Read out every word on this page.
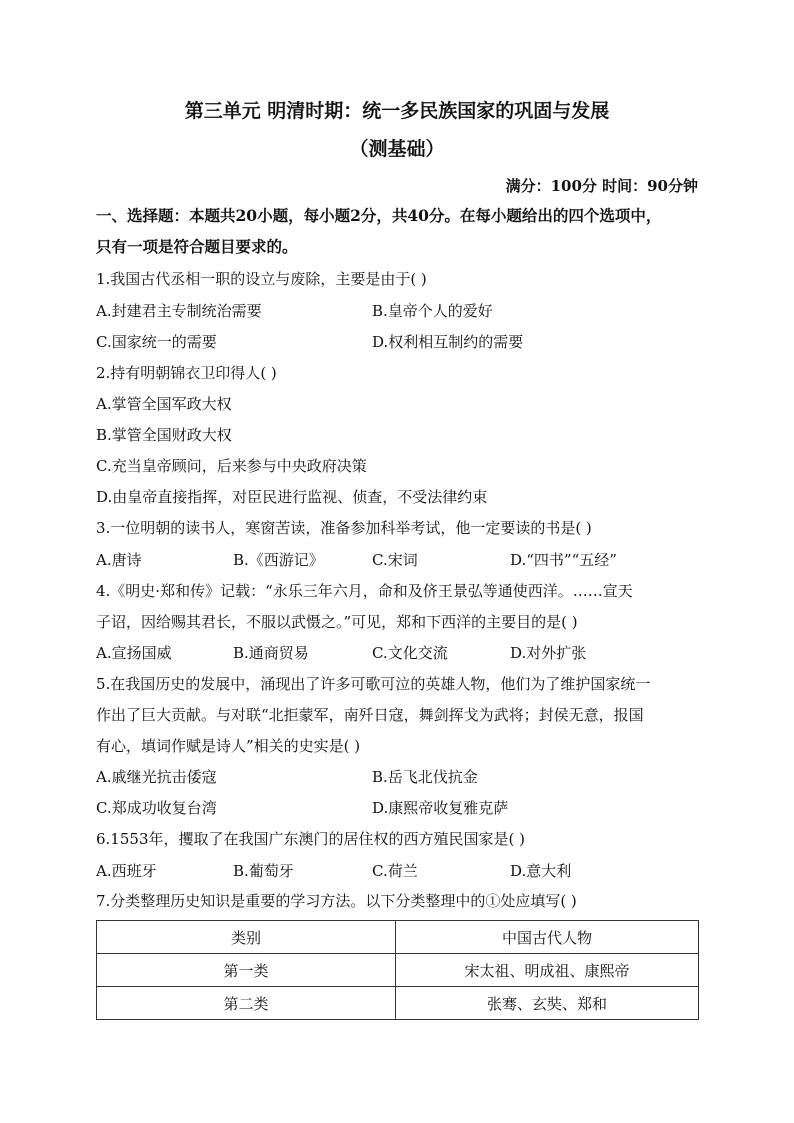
第三单元 明清时期：统一多民族国家的巩固与发展
（测基础）
满分：100分 时间：90分钟
一、选择题：本题共20小题，每小题2分，共40分。在每小题给出的四个选项中，
只有一项是符合题目要求的。
1.我国古代丞相一职的设立与废除，主要是由于( )
A.封建君主专制统治需要	B.皇帝个人的爱好
C.国家统一的需要	D.权利相互制约的需要
2.持有明朝锦衣卫印得人( )
A.掌管全国军政大权
B.掌管全国财政大权
C.充当皇帝顾问，后来参与中央政府决策
D.由皇帝直接指挥，对臣民进行监视、侦查，不受法律约束
3.一位明朝的读书人，寒窗苦读，准备参加科举考试，他一定要读的书是( )
A.唐诗	B.《西游记》	C.宋词	D.“四书”“五经”
4.《明史·郑和传》记载：“永乐三年六月，命和及侪王景弘等通使西洋。……宣天
子诏，因给赐其君长，不服以武慑之。”可见，郑和下西洋的主要目的是( )
A.宣扬国威	B.通商贸易	C.文化交流	D.对外扩张
5.在我国历史的发展中，涌现出了许多可歌可泣的英雄人物，他们为了维护国家统一
作出了巨大贡献。与对联“北拒蒙军，南歼日寇，舞剑挥戈为武将；封侯无意，报国
有心，填词作赋是诗人”相关的史实是( )
A.戚继光抗击倭寇	B.岳飞北伐抗金
C.郑成功收复台湾	D.康熙帝收复雅克萨
6.1553年，攫取了在我国广东澳门的居住权的西方殖民国家是( )
A.西班牙	B.葡萄牙	C.荷兰	D.意大利
7.分类整理历史知识是重要的学习方法。以下分类整理中的①处应填写( )
类别	中国古代人物
第一类	宋太祖、明成祖、康熙帝
第二类	张骞、玄奘、郑和
